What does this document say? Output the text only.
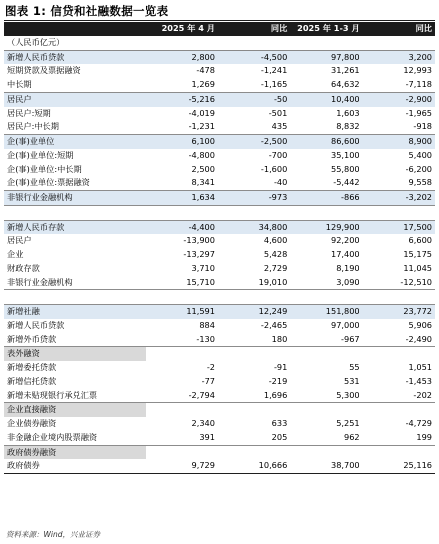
图表 1: 信贷和社融数据一览表
	2025 年 4 月	同比	2025 年 1-3 月	同比
（人民币亿元）				
新增人民币贷款	2,800	-4,500	97,800	3,200
短期贷款及票据融资	-478	-1,241	31,261	12,993
中长期	1,269	-1,165	64,632	-7,118
居民户	-5,216	-50	10,400	-2,900
居民户:短期	-4,019	-501	1,603	-1,965
居民户:中长期	-1,231	435	8,832	-918
企(事)业单位	6,100	-2,500	86,600	8,900
企(事)业单位:短期	-4,800	-700	35,100	5,400
企(事)业单位:中长期	2,500	-1,600	55,800	-6,200
企(事)业单位:票据融资	8,341	-40	-5,442	9,558
非银行业金融机构	1,634	-973	-866	-3,202

新增人民币存款	-4,400	34,800	129,900	17,500
居民户	-13,900	4,600	92,200	6,600
企业	-13,297	5,428	17,400	15,175
财政存款	3,710	2,729	8,190	11,045
非银行业金融机构	15,710	19,010	3,090	-12,510

新增社融	11,591	12,249	151,800	23,772
新增人民币贷款	884	-2,465	97,000	5,906
新增外币贷款	-130	180	-967	-2,490
表外融资				
新增委托贷款	-2	-91	55	1,051
新增信托贷款	-77	-219	531	-1,453
新增未贴现银行承兑汇票	-2,794	1,696	5,300	-202
企业直接融资				
企业债券融资	2,340	633	5,251	-4,729
非金融企业境内股票融资	391	205	962	199
政府债券融资				
政府债券	9,729	10,666	38,700	25,116
资料来源：Wind，兴业证券
